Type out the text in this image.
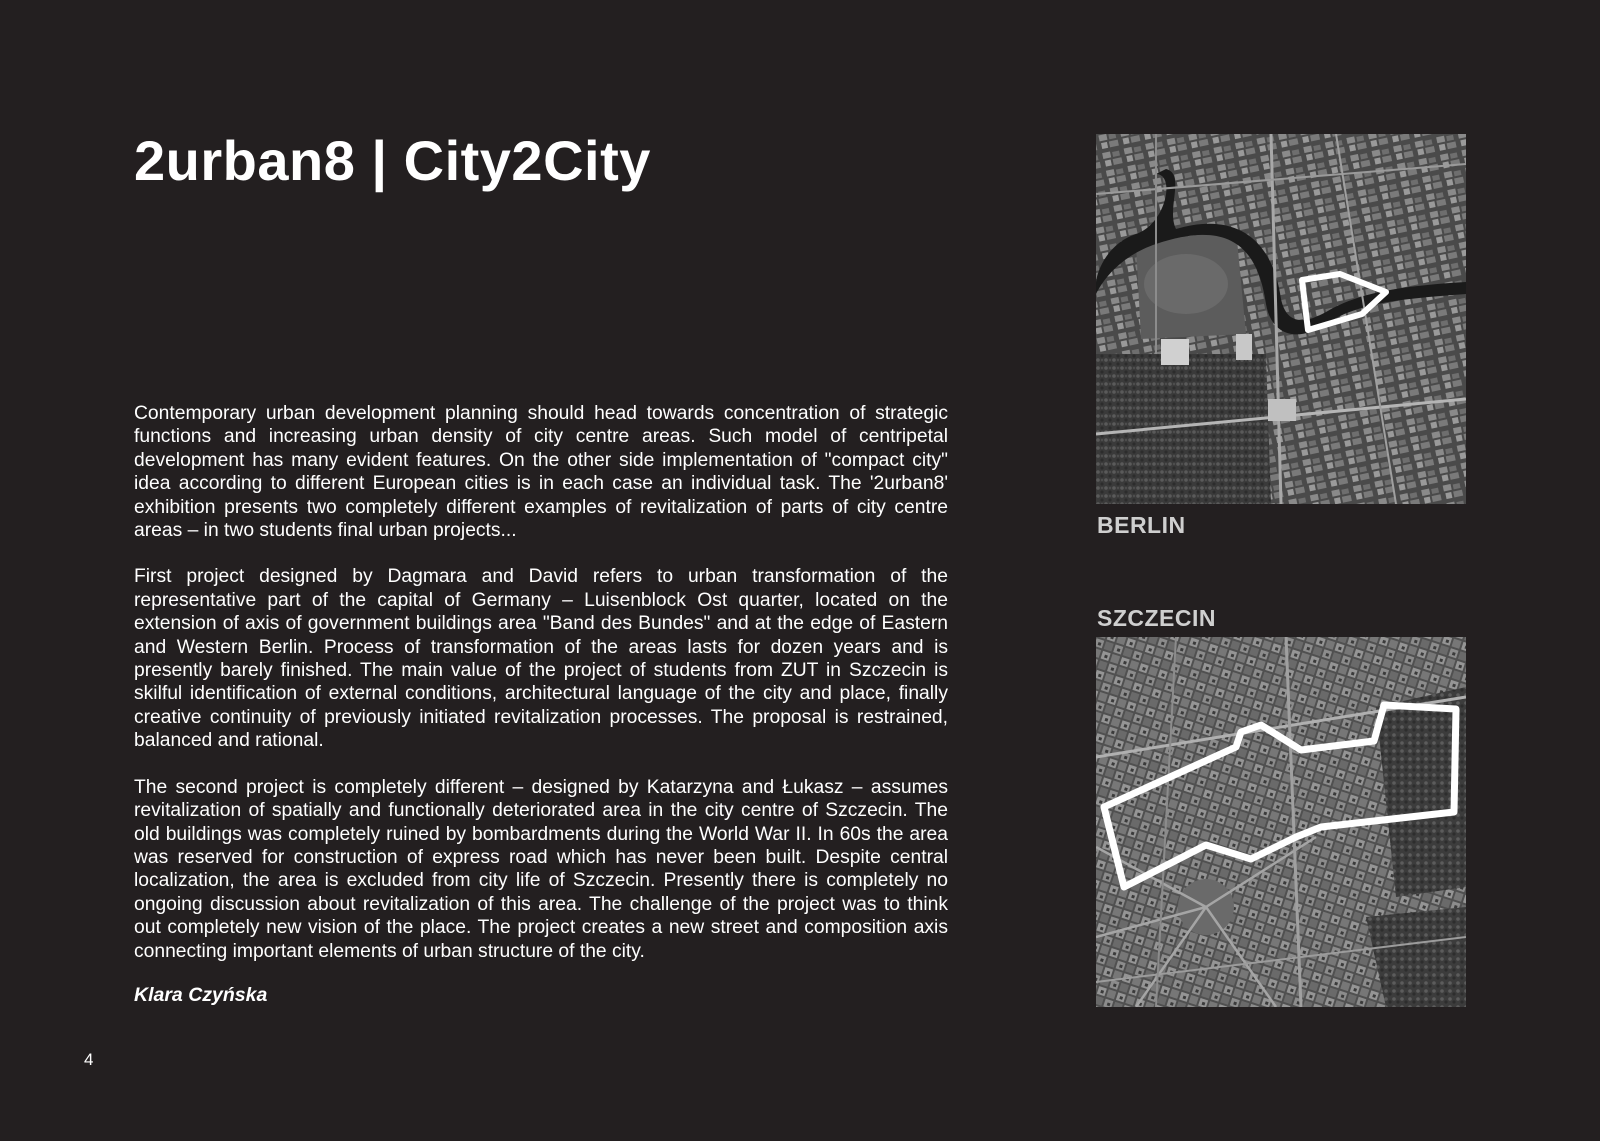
2urban8 | City2City

Contemporary urban development planning should head towards concentration of strategic functions and increasing urban density of city centre areas. Such model of centripetal development has many evident features. On the other side implementation of "compact city" idea according to different European cities is in each case an individual task. The '2urban8' exhibition presents two completely different examples of revitalization of parts of city centre areas – in two students final urban projects...

First project designed by Dagmara and David refers to urban transformation of the representative part of the capital of Germany – Luisenblock Ost quarter, located on the extension of axis of government buildings area "Band des Bundes" and at the edge of Eastern and Western Berlin. Process of transformation of the areas lasts for dozen years and is presently barely finished. The main value of the project of students from ZUT in Szczecin is skilful identification of external conditions, architectural language of the city and place, finally creative continuity of previously initiated revitalization processes. The proposal is restrained, balanced and rational.

The second project is completely different – designed by Katarzyna and Łukasz – assumes revitalization of spatially and functionally deteriorated area in the city centre of Szczecin. The old buildings was completely ruined by bombardments during the World War II. In 60s the area was reserved for construction of express road which has never been built. Despite central localization, the area is excluded from city life of Szczecin. Presently there is completely no ongoing discussion about revitalization of this area. The challenge of the project was to think out completely new vision of the place. The project creates a new street and composition axis connecting important elements of urban structure of the city.

Klara Czyńska
4
BERLIN
SZCZECIN
